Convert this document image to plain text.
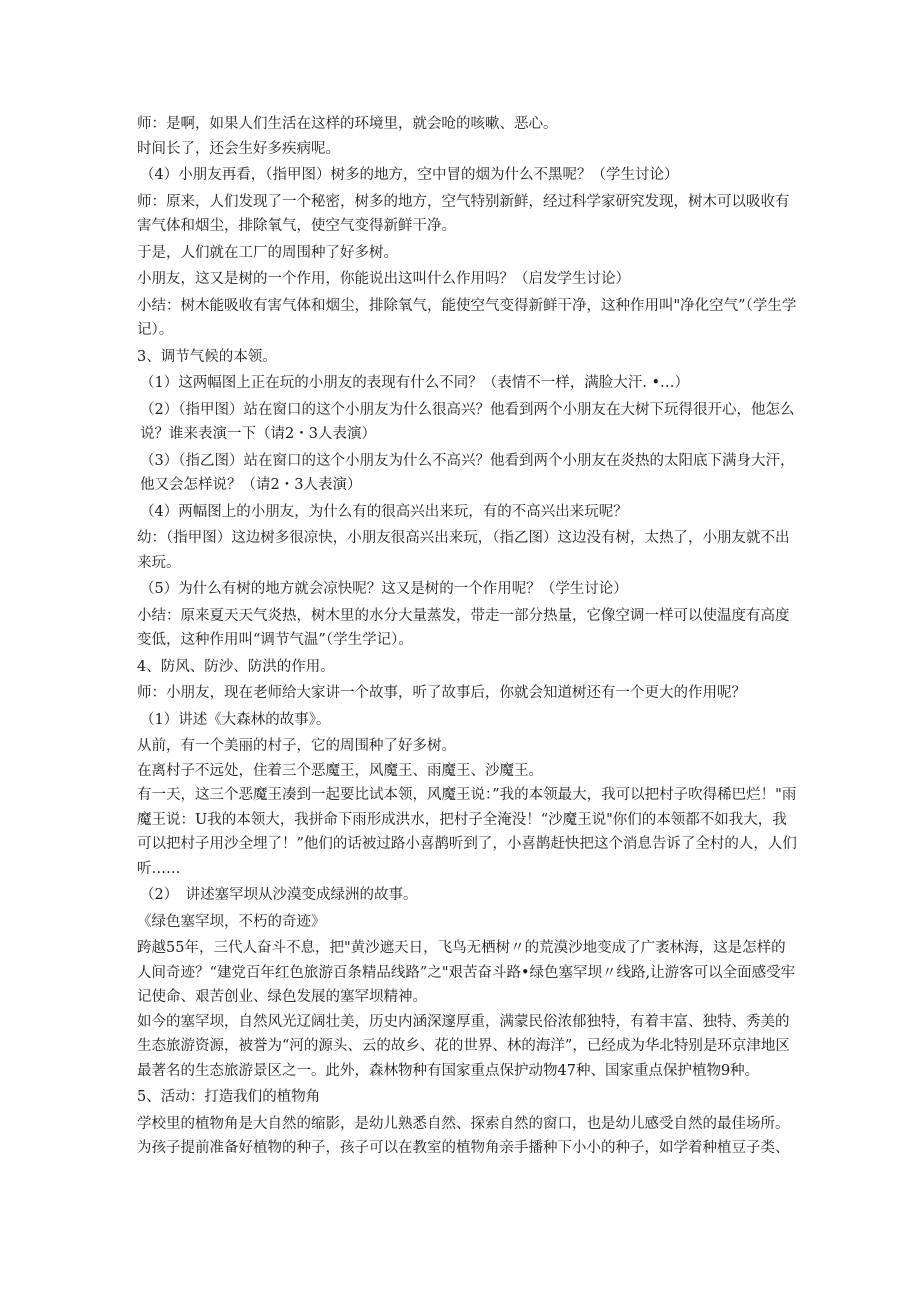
师：是啊，如果人们生活在这样的环境里，就会呛的咳嗽、恶心。
时间长了，还会生好多疾病呢。
（4）小朋友再看，（指甲图）树多的地方，空中冒的烟为什么不黑呢？（学生讨论）
师：原来，人们发现了一个秘密，树多的地方，空气特别新鲜，经过科学家研究发现，树木可以吸收有害气体和烟尘，排除氧气，使空气变得新鲜干净。
于是，人们就在工厂的周围种了好多树。
小朋友，这又是树的一个作用，你能说出这叫什么作用吗？（启发学生讨论）
小结：树木能吸收有害气体和烟尘，排除氧气，能使空气变得新鲜干净，这种作用叫"净化空气”（学生学记）。
3、调节气候的本领。
（1）这两幅图上正在玩的小朋友的表现有什么不同？（表情不一样，满脸大汗. •…）
（2）（指甲图）站在窗口的这个小朋友为什么很高兴？他看到两个小朋友在大树下玩得很开心，他怎么说？谁来表演一下（请2・3人表演）
（3）（指乙图）站在窗口的这个小朋友为什么不高兴？他看到两个小朋友在炎热的太阳底下满身大汗，他又会怎样说？（请2・3人表演）
（4）两幅图上的小朋友，为什么有的很高兴出来玩，有的不高兴出来玩呢？
幼：（指甲图）这边树多很凉快，小朋友很高兴出来玩，（指乙图）这边没有树，太热了，小朋友就不出来玩。
（5）为什么有树的地方就会凉快呢？这又是树的一个作用呢？（学生讨论）
小结：原来夏天天气炎热，树木里的水分大量蒸发，带走一部分热量，它像空调一样可以使温度有高度变低，这种作用叫“调节气温”（学生学记）。
4、防风、防沙、防洪的作用。
师：小朋友，现在老师给大家讲一个故事，听了故事后，你就会知道树还有一个更大的作用呢？
（1）讲述《大森林的故事》。
从前，有一个美丽的村子，它的周围种了好多树。
在离村子不远处，住着三个恶魔王，风魔王、雨魔王、沙魔王。
有一天，这三个恶魔王凑到一起要比试本领，风魔王说：”我的本领最大，我可以把村子吹得稀巴烂！"雨魔王说：U我的本领大，我拼命下雨形成洪水，把村子全淹没！“沙魔王说"你们的本领都不如我大，我可以把村子用沙全埋了！”他们的话被过路小喜鹊听到了，小喜鹊赶快把这个消息告诉了全村的人，人们听……
（2）　讲述塞罕坝从沙漠变成绿洲的故事。
《绿色塞罕坝，不朽的奇迹》
跨越55年，三代人奋斗不息，把"黄沙遮天日，飞鸟无栖树〃的荒漠沙地变成了广袤林海，这是怎样的人间奇迹？“建党百年红色旅游百条精品线路”之"艰苦奋斗路•绿色塞罕坝〃线路,让游客可以全面感受牢记使命、艰苦创业、绿色发展的塞罕坝精神。
如今的塞罕坝，自然风光辽阔壮美，历史内涵深邃厚重，满蒙民俗浓郁独特，有着丰富、独特、秀美的生态旅游资源，被誉为“河的源头、云的故乡、花的世界、林的海洋”，已经成为华北特别是环京津地区最著名的生态旅游景区之一。此外，森林物种有国家重点保护动物47种、国家重点保护植物9种。
5、活动：打造我们的植物角
学校里的植物角是大自然的缩影，是幼儿熟悉自然、探索自然的窗口，也是幼儿感受自然的最佳场所。为孩子提前准备好植物的种子，孩子可以在教室的植物角亲手播种下小小的种子，如学着种植豆子类、
